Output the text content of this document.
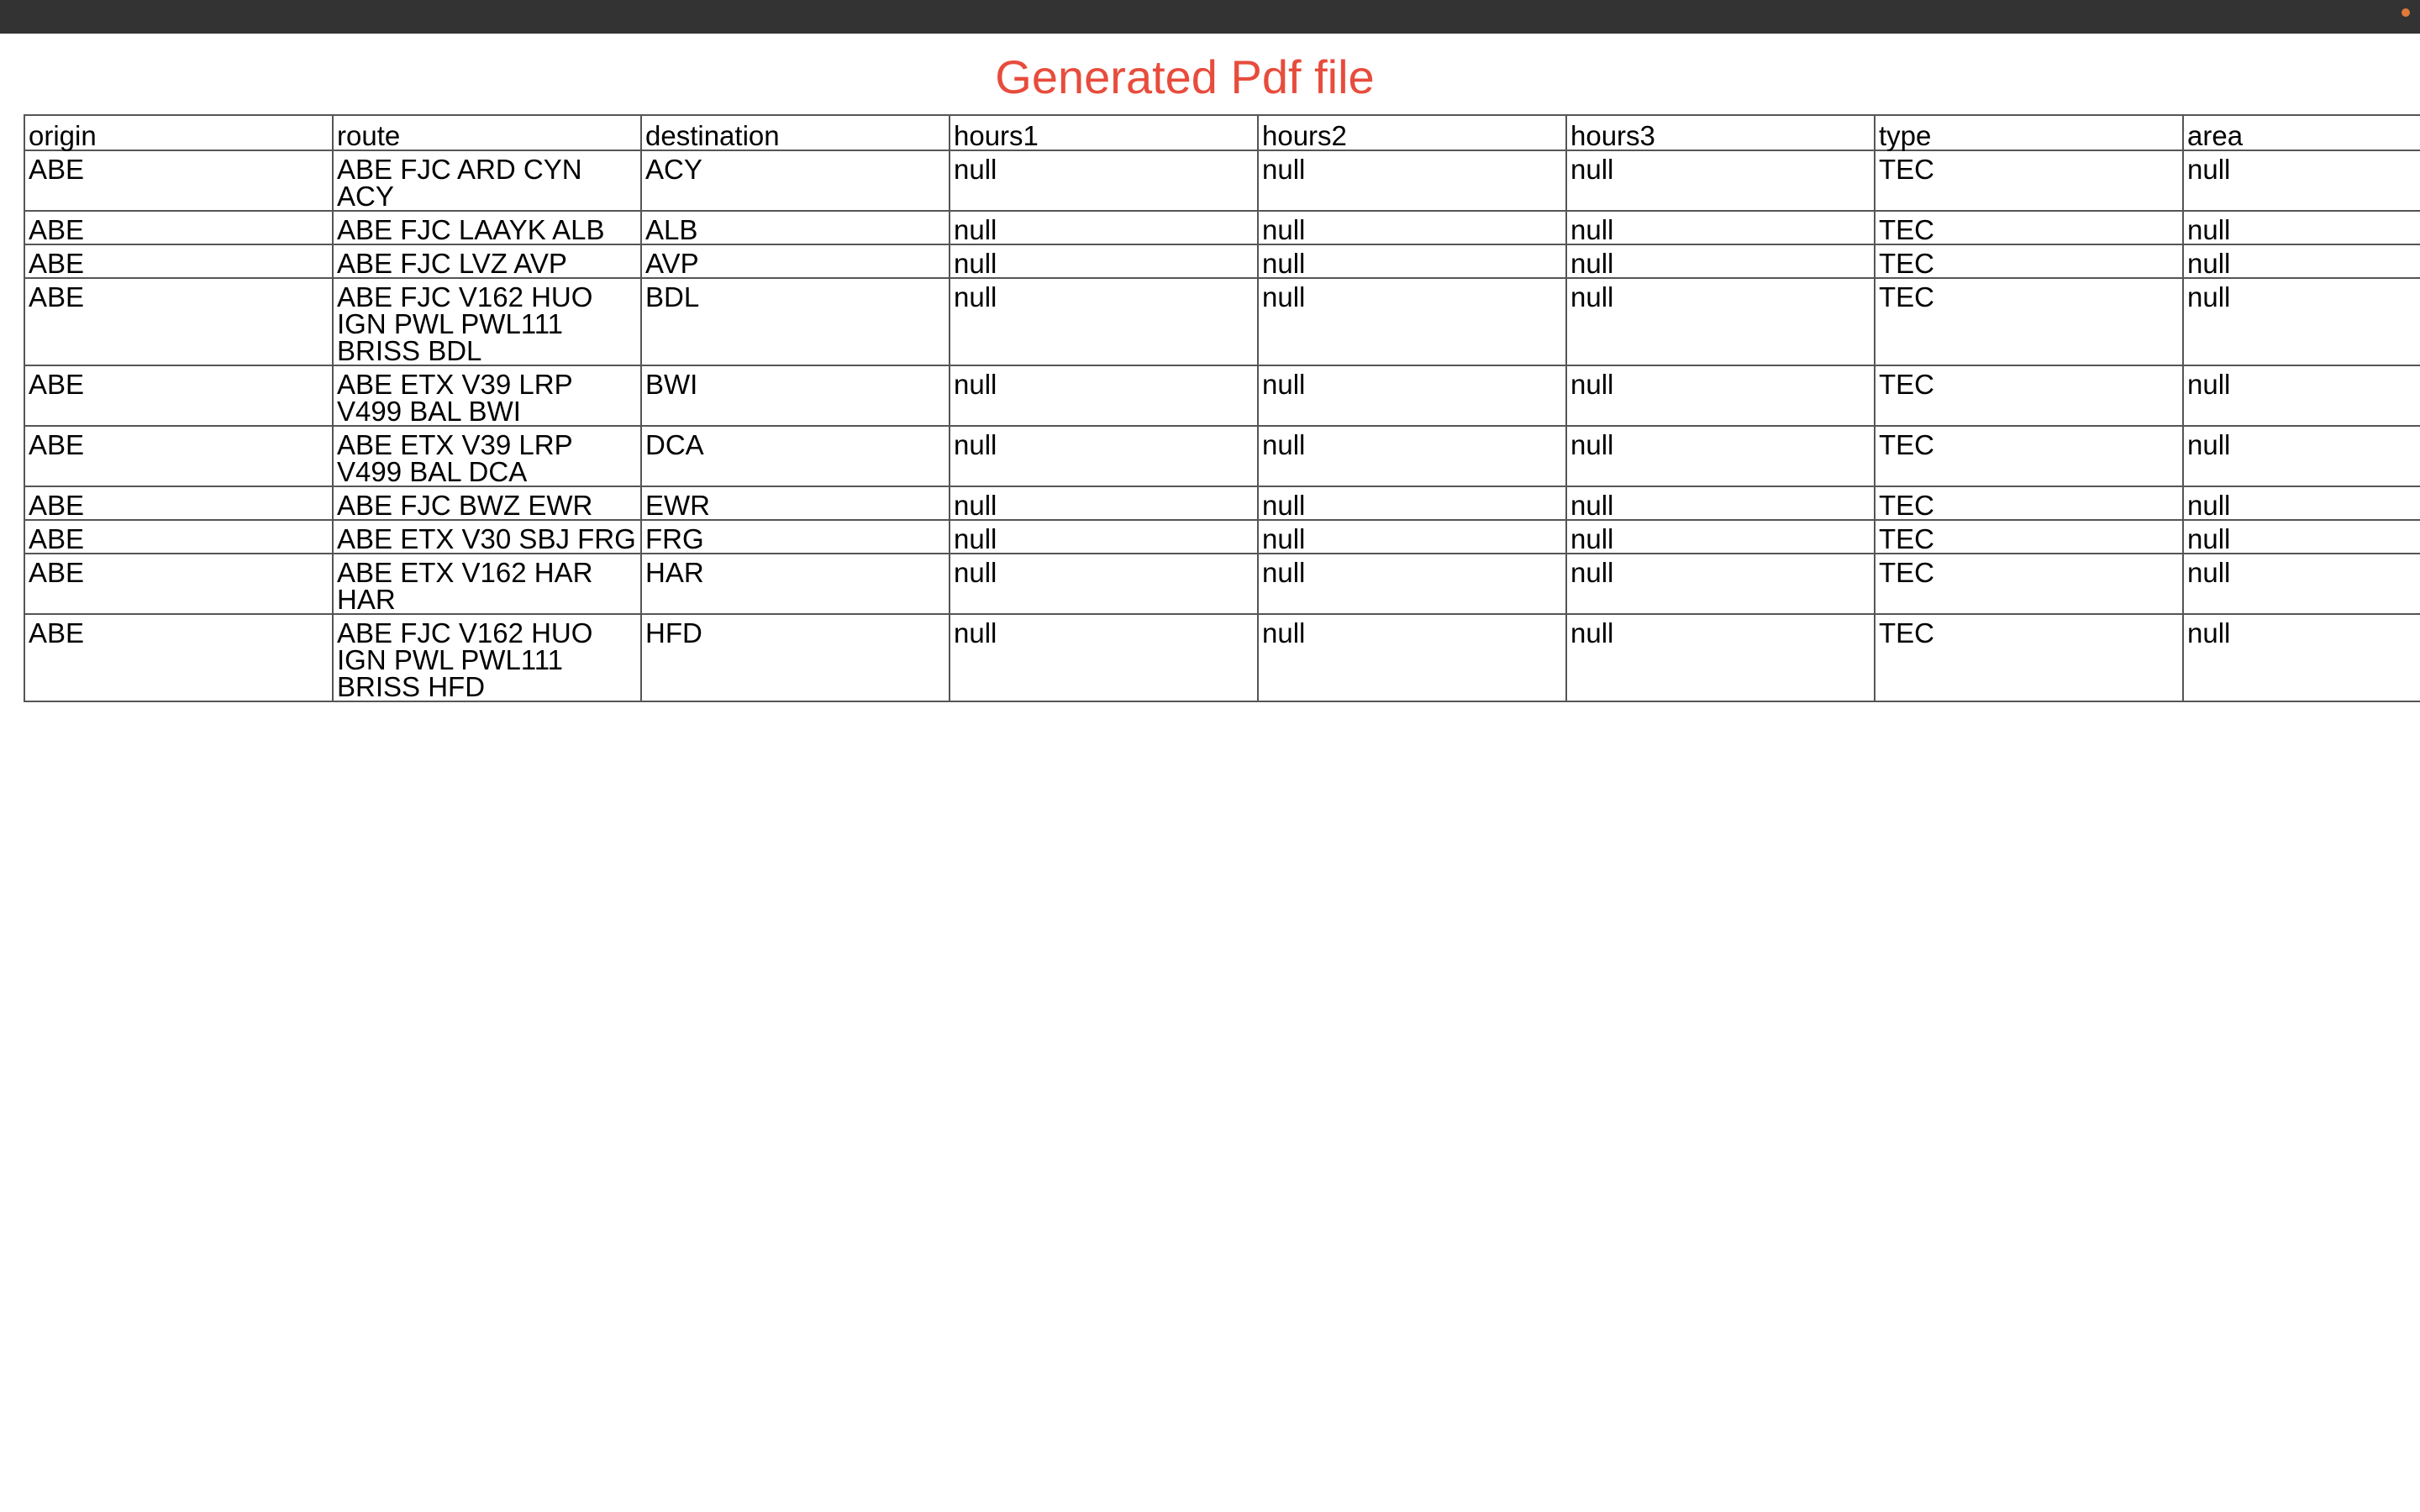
Generated Pdf file
origin	route	destination	hours1	hours2	hours3	type	area
ABE	ABE FJC ARD CYN ACY	ACY	null	null	null	TEC	null
ABE	ABE FJC LAAYK ALB	ALB	null	null	null	TEC	null
ABE	ABE FJC LVZ AVP	AVP	null	null	null	TEC	null
ABE	ABE FJC V162 HUO IGN PWL PWL111 BRISS BDL	BDL	null	null	null	TEC	null
ABE	ABE ETX V39 LRP V499 BAL BWI	BWI	null	null	null	TEC	null
ABE	ABE ETX V39 LRP V499 BAL DCA	DCA	null	null	null	TEC	null
ABE	ABE FJC BWZ EWR	EWR	null	null	null	TEC	null
ABE	ABE ETX V30 SBJ FRG	FRG	null	null	null	TEC	null
ABE	ABE ETX V162 HAR HAR	HAR	null	null	null	TEC	null
ABE	ABE FJC V162 HUO IGN PWL PWL111 BRISS HFD	HFD	null	null	null	TEC	null
